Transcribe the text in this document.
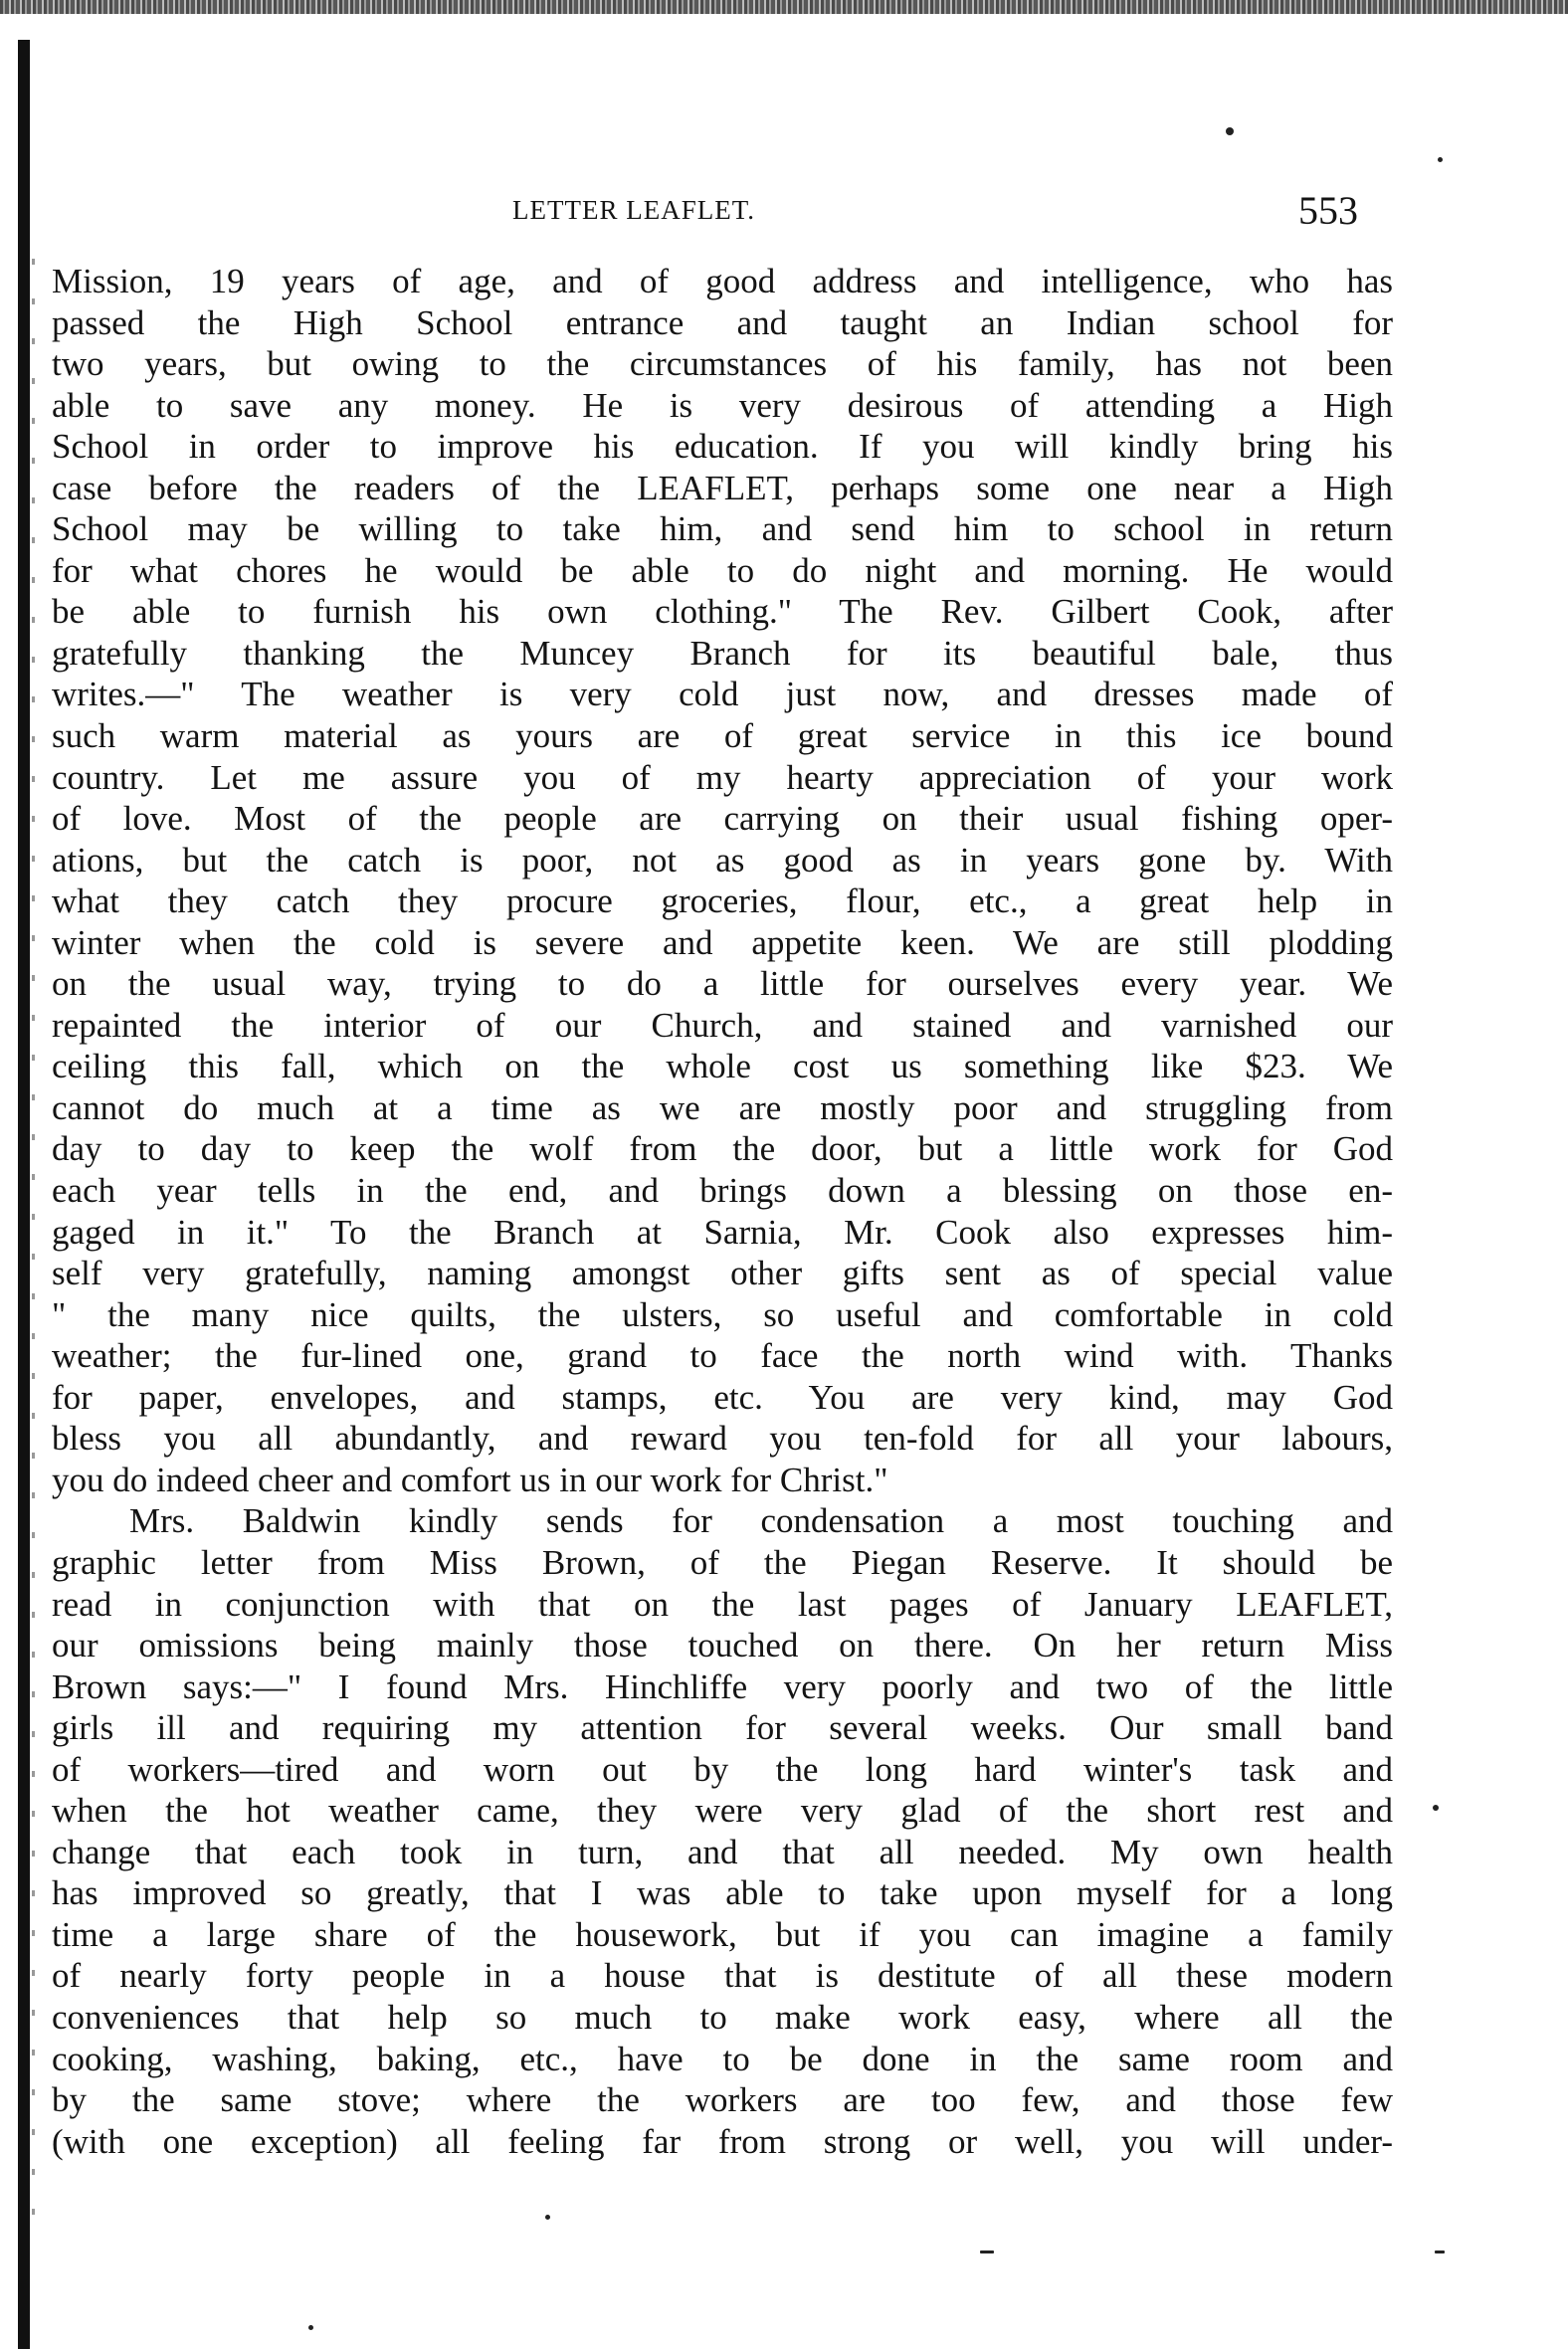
LETTER LEAFLET.	553
Mission, 19 years of age, and of good address and intelligence, who has
passed the High School entrance and taught an Indian school for
two years, but owing to the circumstances of his family, has not been
able to save any money. He is very desirous of attending a High
School in order to improve his education. If you will kindly bring his
case before the readers of the LEAFLET, perhaps some one near a High
School may be willing to take him, and send him to school in return
for what chores he would be able to do night and morning. He would
be able to furnish his own clothing." The Rev. Gilbert Cook, after
gratefully thanking the Muncey Branch for its beautiful bale, thus
writes.—" The weather is very cold just now, and dresses made of
such warm material as yours are of great service in this ice bound
country. Let me assure you of my hearty appreciation of your work
of love. Most of the people are carrying on their usual fishing oper-
ations, but the catch is poor, not as good as in years gone by. With
what they catch they procure groceries, flour, etc., a great help in
winter when the cold is severe and appetite keen. We are still plodding
on the usual way, trying to do a little for ourselves every year. We
repainted the interior of our Church, and stained and varnished our
ceiling this fall, which on the whole cost us something like $23. We
cannot do much at a time as we are mostly poor and struggling from
day to day to keep the wolf from the door, but a little work for God
each year tells in the end, and brings down a blessing on those en-
gaged in it." To the Branch at Sarnia, Mr. Cook also expresses him-
self very gratefully, naming amongst other gifts sent as of special value
" the many nice quilts, the ulsters, so useful and comfortable in cold
weather; the fur-lined one, grand to face the north wind with. Thanks
for paper, envelopes, and stamps, etc. You are very kind, may God
bless you all abundantly, and reward you ten-fold for all your labours,
you do indeed cheer and comfort us in our work for Christ."
Mrs. Baldwin kindly sends for condensation a most touching and
graphic letter from Miss Brown, of the Piegan Reserve. It should be
read in conjunction with that on the last pages of January LEAFLET,
our omissions being mainly those touched on there. On her return Miss
Brown says:—" I found Mrs. Hinchliffe very poorly and two of the little
girls ill and requiring my attention for several weeks. Our small band
of workers—tired and worn out by the long hard winter's task and
when the hot weather came, they were very glad of the short rest and
change that each took in turn, and that all needed. My own health
has improved so greatly, that I was able to take upon myself for a long
time a large share of the housework, but if you can imagine a family
of nearly forty people in a house that is destitute of all these modern
conveniences that help so much to make work easy, where all the
cooking, washing, baking, etc., have to be done in the same room and
by the same stove; where the workers are too few, and those few
(with one exception) all feeling far from strong or well, you will under-
